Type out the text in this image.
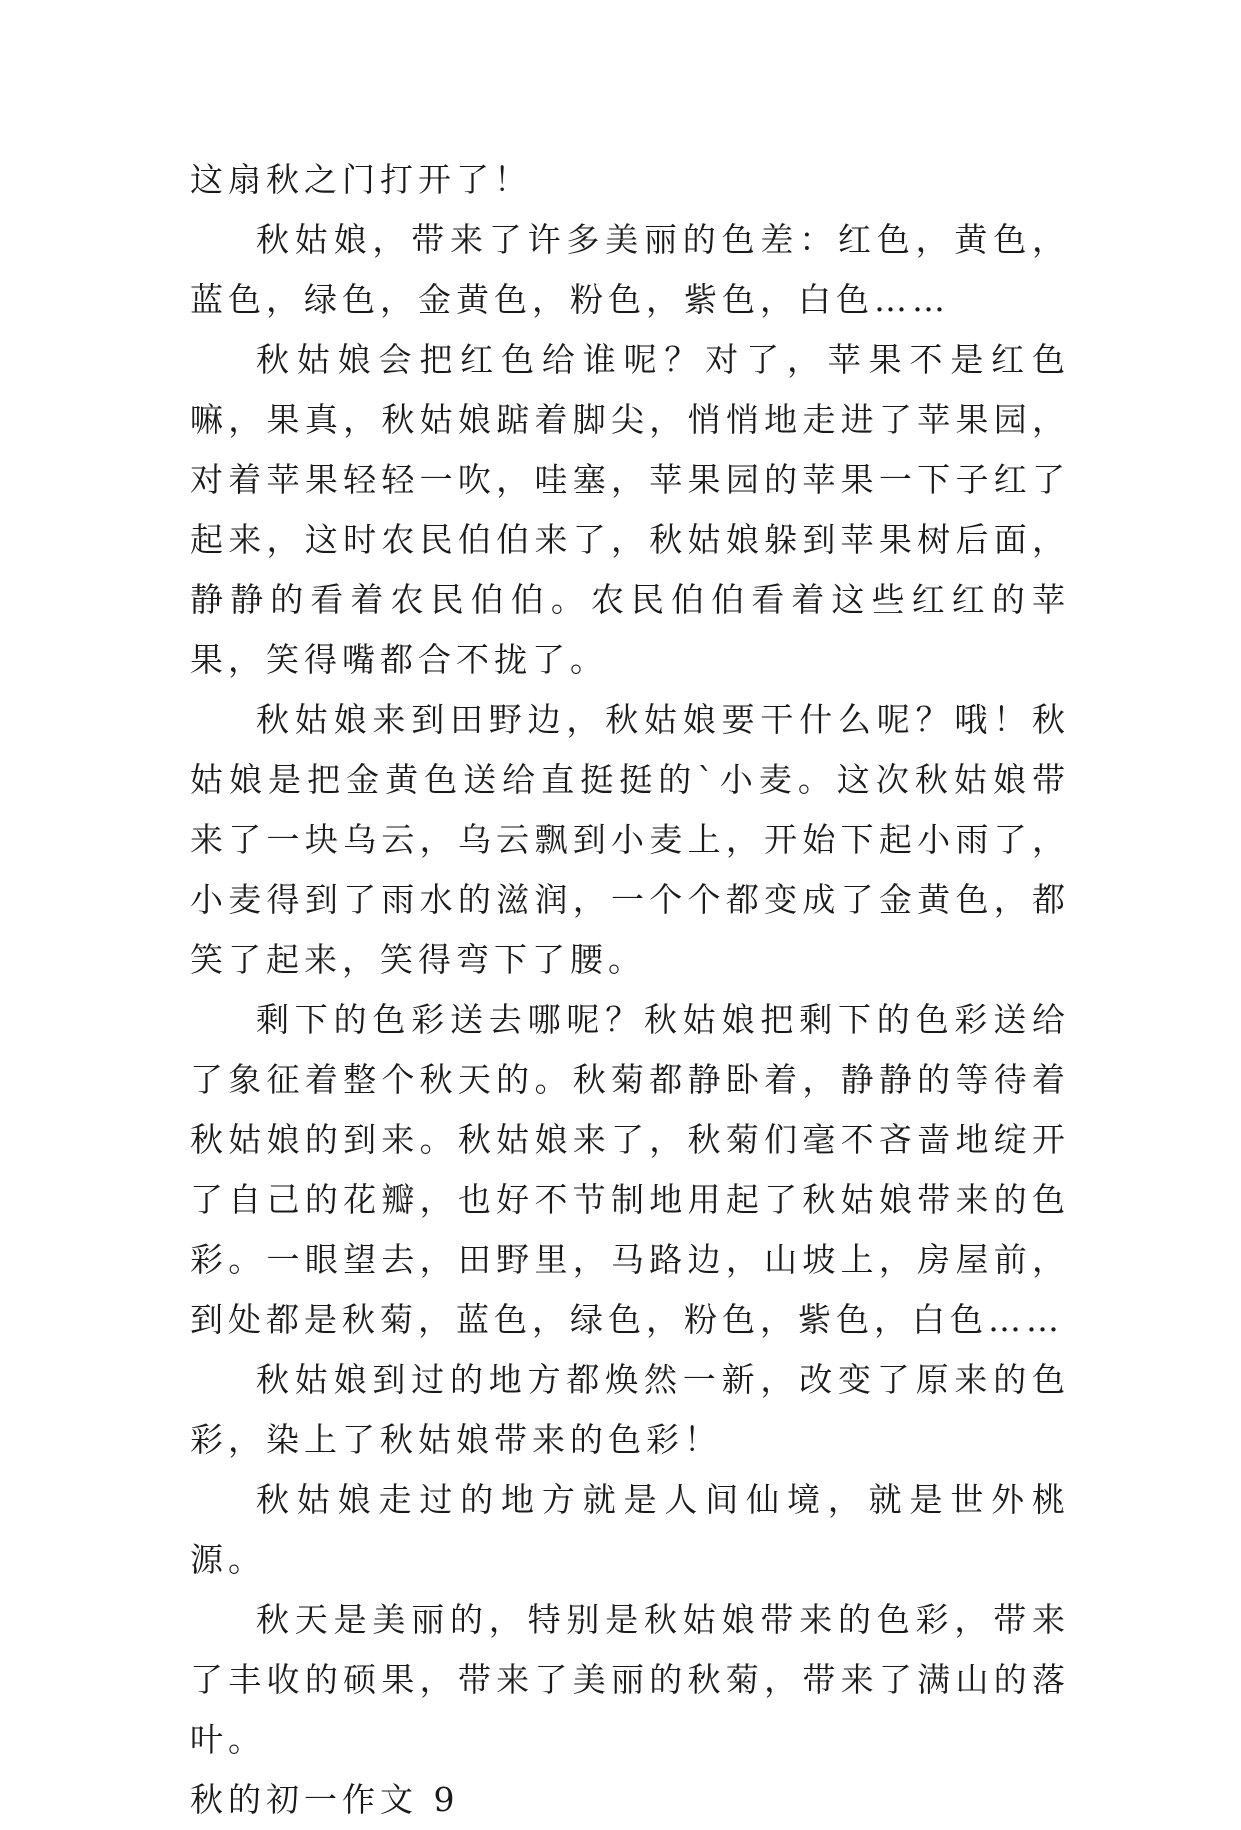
这扇秋之门打开了！

秋姑娘，带来了许多美丽的色差：红色，黄色，蓝色，绿色，金黄色，粉色，紫色，白色……

秋姑娘会把红色给谁呢？对了，苹果不是红色嘛，果真，秋姑娘踮着脚尖，悄悄地走进了苹果园，对着苹果轻轻一吹，哇塞，苹果园的苹果一下子红了起来，这时农民伯伯来了，秋姑娘躲到苹果树后面，静静的看着农民伯伯。农民伯伯看着这些红红的苹果，笑得嘴都合不拢了。

秋姑娘来到田野边，秋姑娘要干什么呢？哦！秋姑娘是把金黄色送给直挺挺的`小麦。这次秋姑娘带来了一块乌云，乌云飘到小麦上，开始下起小雨了，小麦得到了雨水的滋润，一个个都变成了金黄色，都笑了起来，笑得弯下了腰。

剩下的色彩送去哪呢？秋姑娘把剩下的色彩送给了象征着整个秋天的。秋菊都静卧着，静静的等待着秋姑娘的到来。秋姑娘来了，秋菊们毫不吝啬地绽开了自己的花瓣，也好不节制地用起了秋姑娘带来的色彩。一眼望去，田野里，马路边，山坡上，房屋前，到处都是秋菊，蓝色，绿色，粉色，紫色，白色……

秋姑娘到过的地方都焕然一新，改变了原来的色彩，染上了秋姑娘带来的色彩！

秋姑娘走过的地方就是人间仙境，就是世外桃源。

秋天是美丽的，特别是秋姑娘带来的色彩，带来了丰收的硕果，带来了美丽的秋菊，带来了满山的落叶。

秋的初一作文 9
